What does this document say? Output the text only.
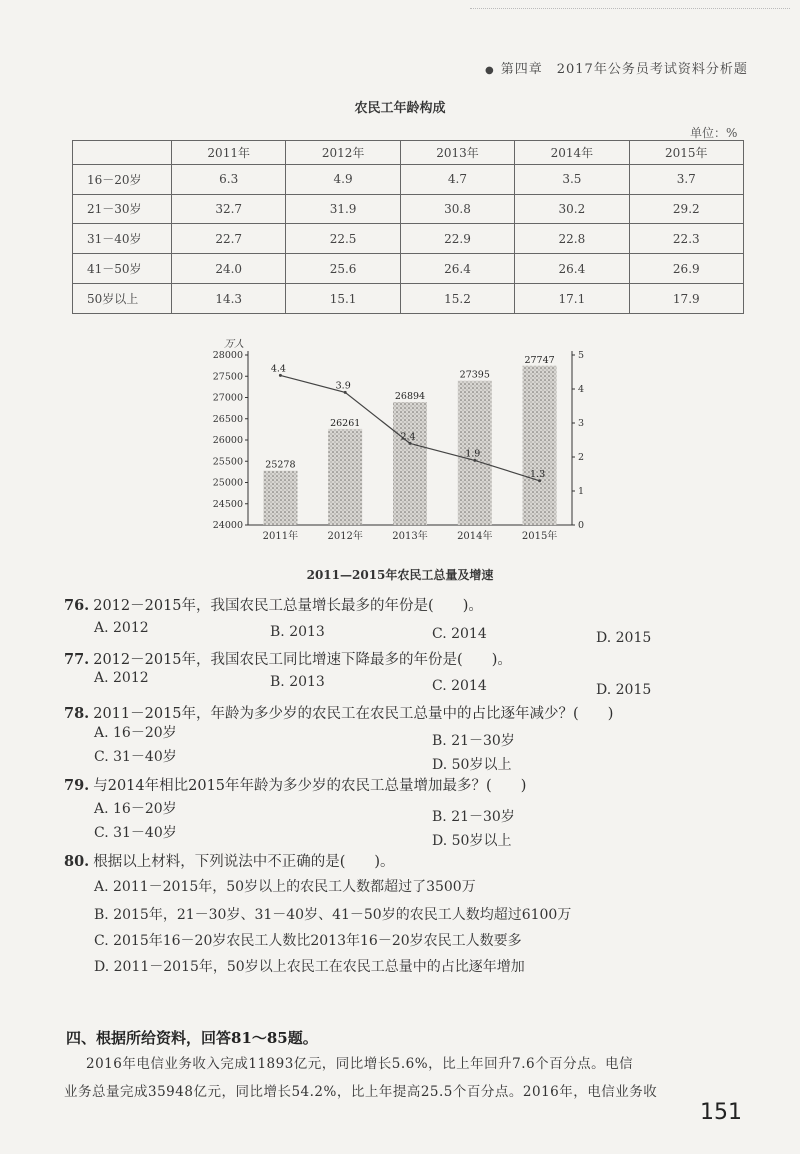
● 第四章　2017年公务员考试资料分析题
农民工年龄构成
单位：%
	2011年	2012年	2013年	2014年	2015年
16－20岁	6.3	4.9	4.7	3.5	3.7
21－30岁	32.7	31.9	30.8	30.2	29.2
31－40岁	22.7	22.5	22.9	22.8	22.3
41－50岁	24.0	25.6	26.4	26.4	26.9
50岁以上	14.3	15.1	15.2	17.1	17.9
万人
24000
24500
25000
25500
26000
26500
27000
27500
28000
0
1
2
3
4
5
25278
26261
26894
27395
27747
2011年	2012年	2013年	2014年	2015年
4.4
3.9
2.4
1.9
1.3
2011—2015年农民工总量及增速
76. 2012－2015年，我国农民工总量增长最多的年份是(　　)。
A. 2012	B. 2013	C. 2014	D. 2015
77. 2012－2015年，我国农民工同比增速下降最多的年份是(　　)。
A. 2012	B. 2013	C. 2014	D. 2015
78. 2011－2015年，年龄为多少岁的农民工在农民工总量中的占比逐年减少？(　　)
A. 16－20岁	B. 21－30岁
C. 31－40岁	D. 50岁以上
79. 与2014年相比2015年年龄为多少岁的农民工总量增加最多？(　　)
A. 16－20岁	B. 21－30岁
C. 31－40岁	D. 50岁以上
80. 根据以上材料，下列说法中不正确的是(　　)。
A. 2011－2015年，50岁以上的农民工人数都超过了3500万
B. 2015年，21－30岁、31－40岁、41－50岁的农民工人数均超过6100万
C. 2015年16－20岁农民工人数比2013年16－20岁农民工人数要多
D. 2011－2015年，50岁以上农民工在农民工总量中的占比逐年增加
四、根据所给资料，回答81～85题。
2016年电信业务收入完成11893亿元，同比增长5.6%，比上年回升7.6个百分点。电信
业务总量完成35948亿元，同比增长54.2%，比上年提高25.5个百分点。2016年，电信业务收
151
